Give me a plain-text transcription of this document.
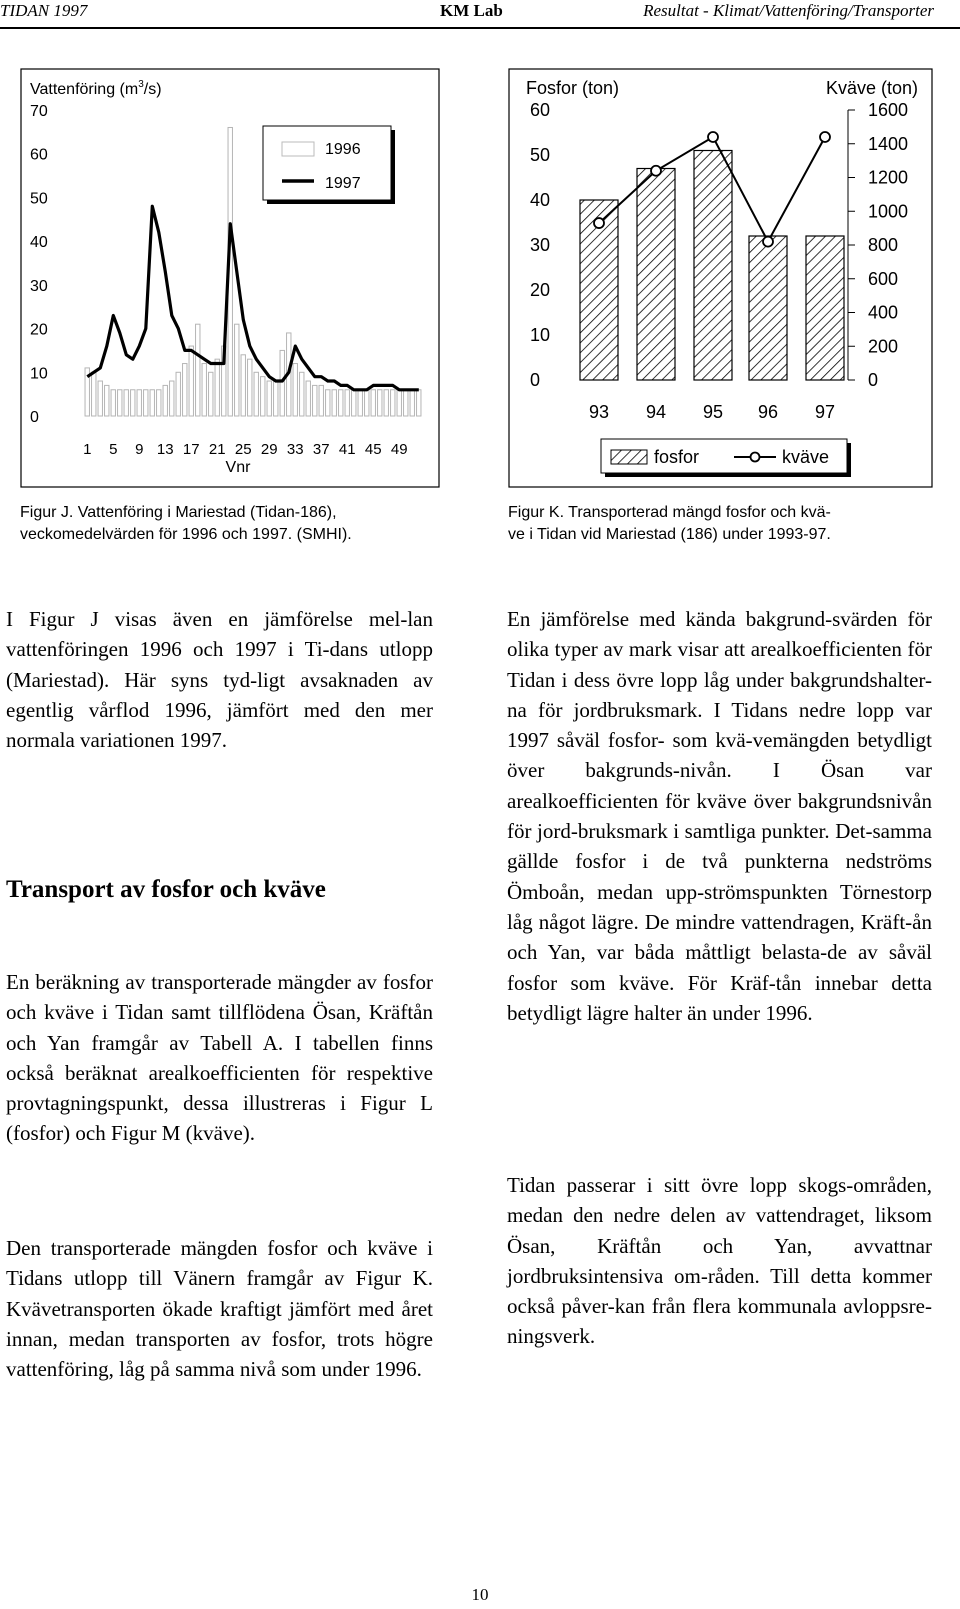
TIDAN 1997	KM Lab	Resultat - Klimat/Vattenföring/Transporter
Vattenföring $(m^3/s)$
0
10
20
30
40
50
60
70
1 5 9 13 17 21 25 29 33 37 41 45 49
Vnr
1996
1997
Figur J. Vattenföring i Mariestad (Tidan-186),
veckomedelvärden för 1996 och 1997. (SMHI).
Fosfor (ton)	Kväve (ton)
0
10
20
30
40
50
60
0
200
400
600
800
1000
1200
1400
1600
93 94 95 96 97
fosfor	kväve
Figur K. Transporterad mängd fosfor och kvä-
ve i Tidan vid Mariestad (186) under 1993-97.

I Figur J visas även en jämförelse mel-lan vattenföringen 1996 och 1997 i Ti-dans utlopp (Mariestad). Här syns tyd-ligt avsaknaden av egentlig vårflod 1996, jämfört med den mer normala variationen 1997.

Transport av fosfor och kväve

En beräkning av transporterade mängder av fosfor och kväve i Tidan samt tillflödena Ösan, Kräftån och Yan framgår av Tabell A. I tabellen finns också beräknat arealkoefficienten för respektive provtagningspunkt, dessa illustreras i Figur L (fosfor) och Figur M (kväve).

Den transporterade mängden fosfor och kväve i Tidans utlopp till Vänern framgår av Figur K. Kvävetransporten ökade kraftigt jämfört med året innan, medan transporten av fosfor, trots högre vattenföring, låg på samma nivå som under 1996.

En jämförelse med kända bakgrund-svärden för olika typer av mark visar att arealkoefficienten för Tidan i dess övre lopp låg under bakgrundshalter-na för jordbruksmark. I Tidans nedre lopp var 1997 såväl fosfor- som kvä-vemängden betydligt över bakgrunds-nivån. I Ösan var arealkoefficienten för kväve över bakgrundsnivån för jord-bruksmark i samtliga punkter. Det-samma gällde fosfor i de två punkterna nedströms Ömboån, medan upp-strömspunkten Törnestorp låg något lägre. De mindre vattendragen, Kräft-ån och Yan, var båda måttligt belasta-de av såväl fosfor som kväve. För Kräf-tån innebar detta betydligt lägre halter än under 1996.

Tidan passerar i sitt övre lopp skogs-områden, medan den nedre delen av vattendraget, liksom Ösan, Kräftån och Yan, avvattnar jordbruksintensiva om-råden. Till detta kommer också påver-kan från flera kommunala avloppsre-ningsverk.

10
